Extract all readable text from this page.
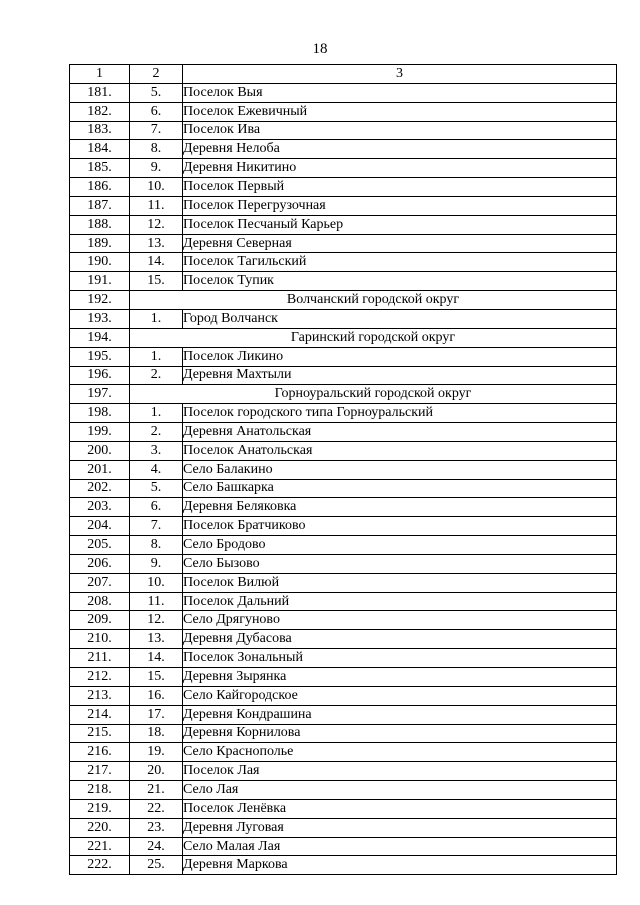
18
1	2	3
181.	5.	Поселок Выя
182.	6.	Поселок Ежевичный
183.	7.	Поселок Ива
184.	8.	Деревня Нелоба
185.	9.	Деревня Никитино
186.	10.	Поселок Первый
187.	11.	Поселок Перегрузочная
188.	12.	Поселок Песчаный Карьер
189.	13.	Деревня Северная
190.	14.	Поселок Тагильский
191.	15.	Поселок Тупик
192.	Волчанский городской округ	
193.	1.	Город Волчанск
194.	Гаринский городской округ	
195.	1.	Поселок Ликино
196.	2.	Деревня Махтыли
197.	Горноуральский городской округ	
198.	1.	Поселок городского типа Горноуральский
199.	2.	Деревня Анатольская
200.	3.	Поселок Анатольская
201.	4.	Село Балакино
202.	5.	Село Башкарка
203.	6.	Деревня Беляковка
204.	7.	Поселок Братчиково
205.	8.	Село Бродово
206.	9.	Село Бызово
207.	10.	Поселок Вилюй
208.	11.	Поселок Дальний
209.	12.	Село Дрягуново
210.	13.	Деревня Дубасова
211.	14.	Поселок Зональный
212.	15.	Деревня Зырянка
213.	16.	Село Кайгородское
214.	17.	Деревня Кондрашина
215.	18.	Деревня Корнилова
216.	19.	Село Краснополье
217.	20.	Поселок Лая
218.	21.	Село Лая
219.	22.	Поселок Ленёвка
220.	23.	Деревня Луговая
221.	24.	Село Малая Лая
222.	25.	Деревня Маркова
